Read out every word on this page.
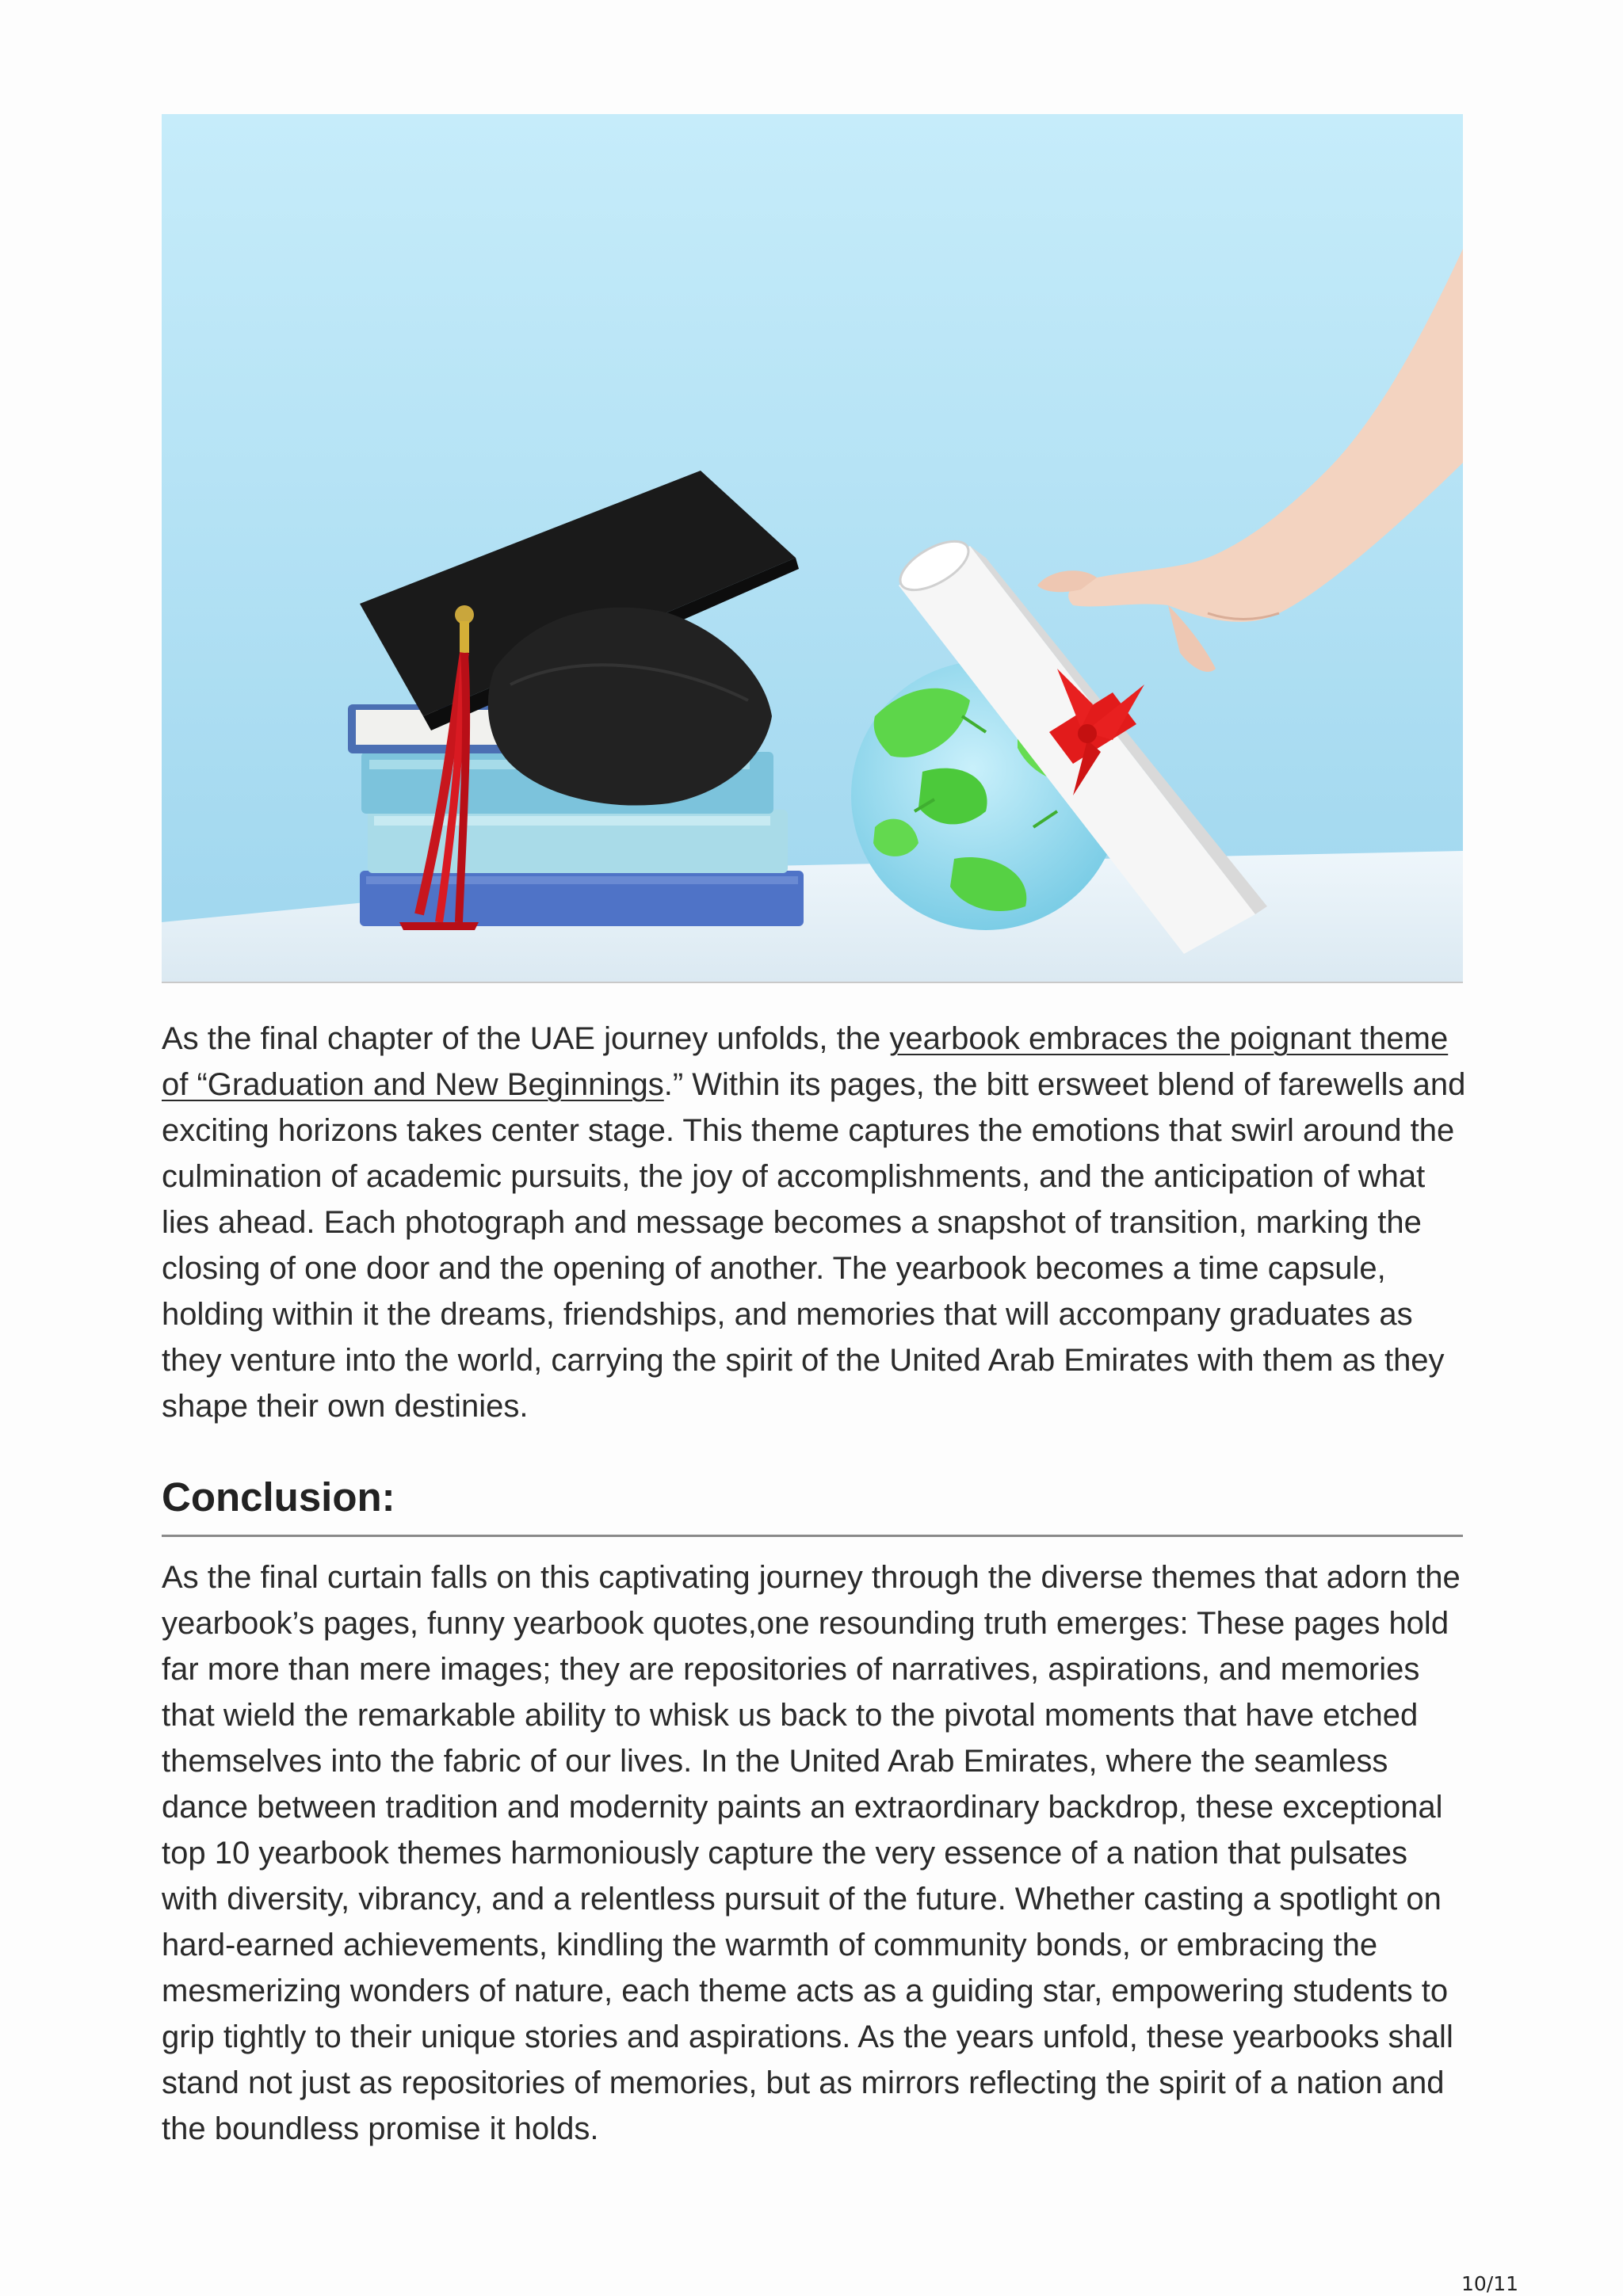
As the final chapter of the UAE journey unfolds, the yearbook embraces the poignant theme of “Graduation and New Beginnings.” Within its pages, the bitt ersweet blend of farewells and exciting horizons takes center stage. This theme captures the emotions that swirl around the culmination of academic pursuits, the joy of accomplishments, and the anticipation of what lies ahead. Each photograph and message becomes a snapshot of transition, marking the closing of one door and the opening of another. The yearbook becomes a time capsule, holding within it the dreams, friendships, and memories that will accompany graduates as they venture into the world, carrying the spirit of the United Arab Emirates with them as they shape their own destinies.

Conclusion:

As the final curtain falls on this captivating journey through the diverse themes that adorn the yearbook’s pages, funny yearbook quotes,one resounding truth emerges: These pages hold far more than mere images; they are repositories of narratives, aspirations, and memories that wield the remarkable ability to whisk us back to the pivotal moments that have etched themselves into the fabric of our lives. In the United Arab Emirates, where the seamless dance between tradition and modernity paints an extraordinary backdrop, these exceptional top 10 yearbook themes harmoniously capture the very essence of a nation that pulsates with diversity, vibrancy, and a relentless pursuit of the future. Whether casting a spotlight on hard-earned achievements, kindling the warmth of community bonds, or embracing the mesmerizing wonders of nature, each theme acts as a guiding star, empowering students to grip tightly to their unique stories and aspirations. As the years unfold, these yearbooks shall stand not just as repositories of memories, but as mirrors reflecting the spirit of a nation and the boundless promise it holds.

10/11
